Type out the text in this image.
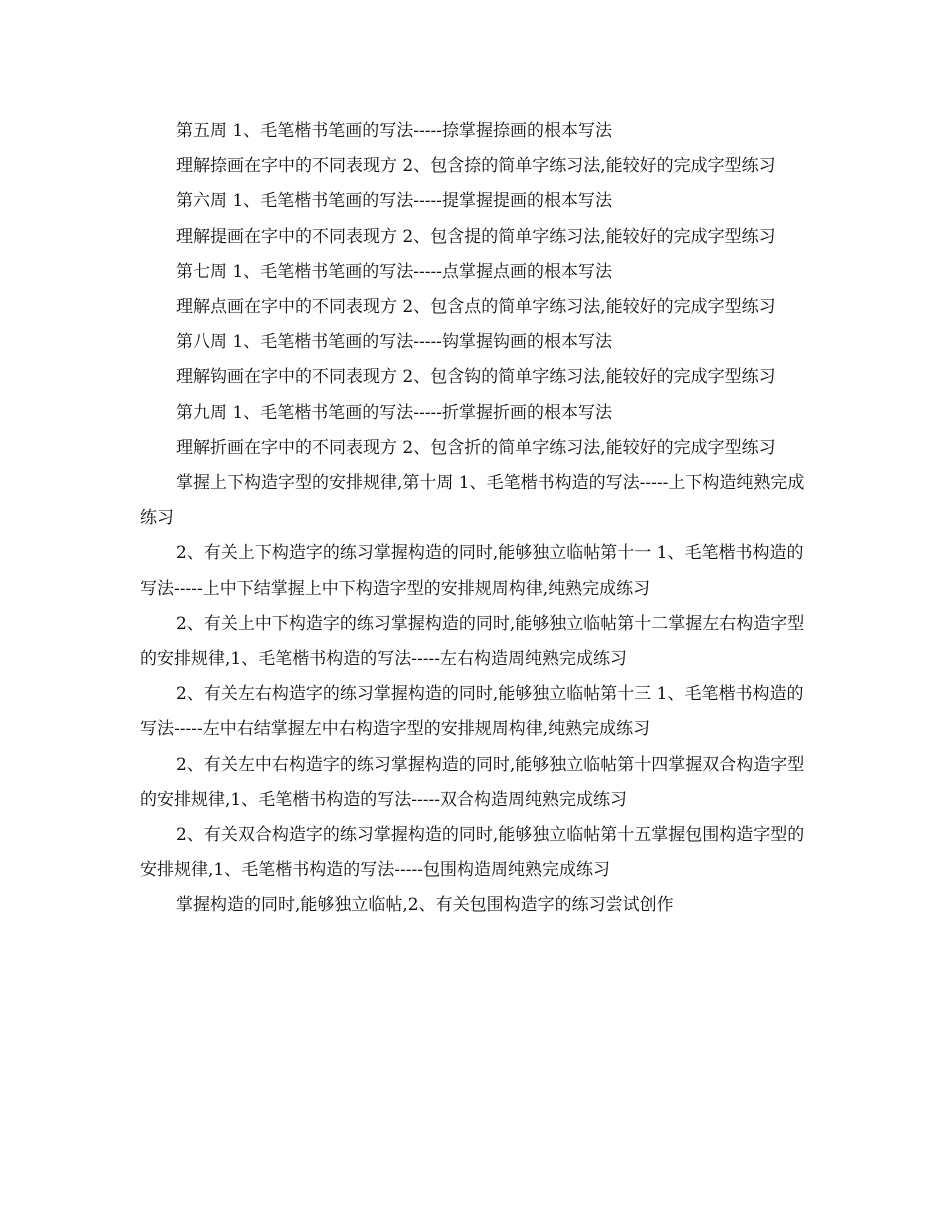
第五周 1、毛笔楷书笔画的写法-----捺掌握捺画的根本写法

理解捺画在字中的不同表现方 2、包含捺的简单字练习法,能较好的完成字型练习

第六周 1、毛笔楷书笔画的写法-----提掌握提画的根本写法

理解提画在字中的不同表现方 2、包含提的简单字练习法,能较好的完成字型练习

第七周 1、毛笔楷书笔画的写法-----点掌握点画的根本写法

理解点画在字中的不同表现方 2、包含点的简单字练习法,能较好的完成字型练习

第八周 1、毛笔楷书笔画的写法-----钩掌握钩画的根本写法

理解钩画在字中的不同表现方 2、包含钩的简单字练习法,能较好的完成字型练习

第九周 1、毛笔楷书笔画的写法-----折掌握折画的根本写法

理解折画在字中的不同表现方 2、包含折的简单字练习法,能较好的完成字型练习

掌握上下构造字型的安排规律,第十周 1、毛笔楷书构造的写法-----上下构造纯熟完成练习

2、有关上下构造字的练习掌握构造的同时,能够独立临帖第十一 1、毛笔楷书构造的写法-----上中下结掌握上中下构造字型的安排规周构律,纯熟完成练习

2、有关上中下构造字的练习掌握构造的同时,能够独立临帖第十二掌握左右构造字型的安排规律,1、毛笔楷书构造的写法-----左右构造周纯熟完成练习

2、有关左右构造字的练习掌握构造的同时,能够独立临帖第十三 1、毛笔楷书构造的写法-----左中右结掌握左中右构造字型的安排规周构律,纯熟完成练习

2、有关左中右构造字的练习掌握构造的同时,能够独立临帖第十四掌握双合构造字型的安排规律,1、毛笔楷书构造的写法-----双合构造周纯熟完成练习

2、有关双合构造字的练习掌握构造的同时,能够独立临帖第十五掌握包围构造字型的安排规律,1、毛笔楷书构造的写法-----包围构造周纯熟完成练习

掌握构造的同时,能够独立临帖,2、有关包围构造字的练习尝试创作
